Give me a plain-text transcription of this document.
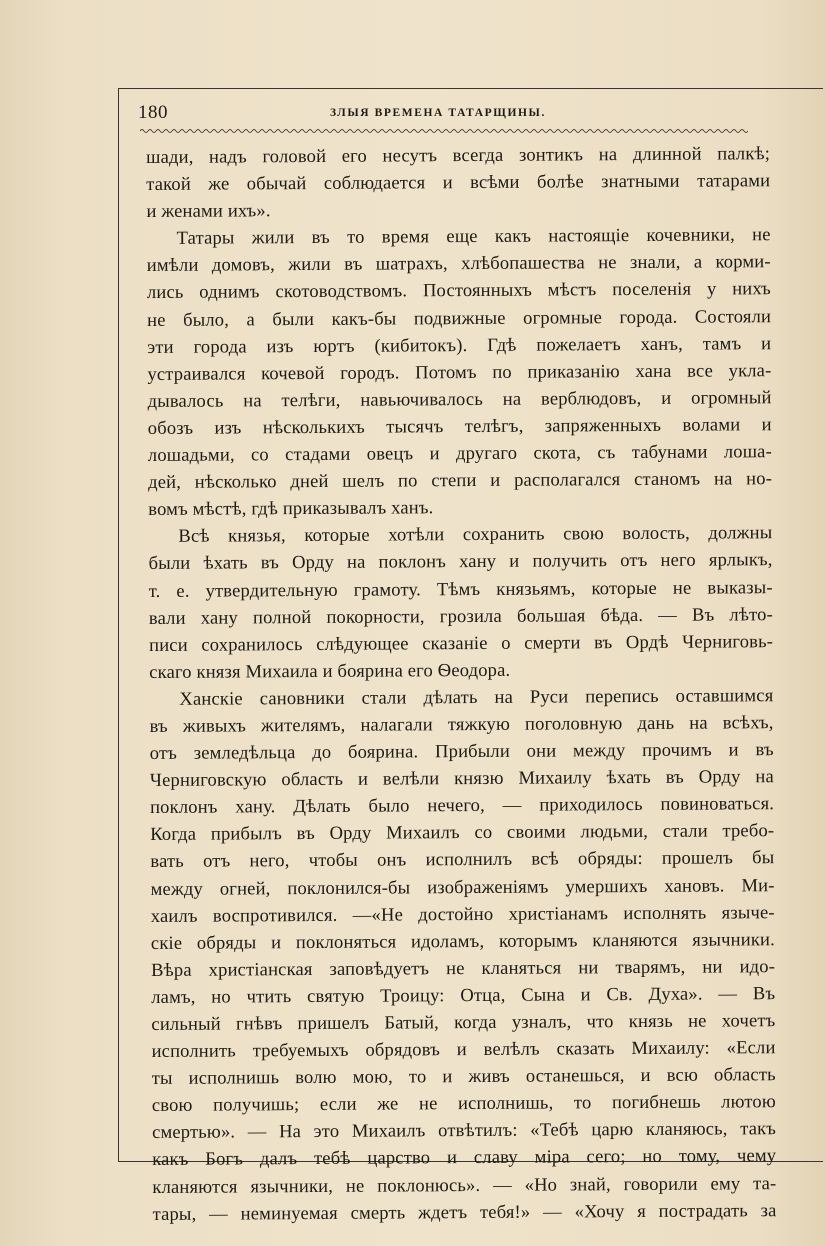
180	ЗЛЫЯ ВРЕМЕНА ТАТАРЩИНЫ.
шади, надъ головой его несутъ всегда зонтикъ на длинной палкѣ;
такой же обычай соблюдается и всѣми болѣе знатными татарами
и женами ихъ».
Татары жили въ то время еще какъ настоящіе кочевники, не
имѣли домовъ, жили въ шатрахъ, хлѣбопашества не знали, а корми-
лись однимъ скотоводствомъ. Постоянныхъ мѣстъ поселенія у нихъ
не было, а были какъ-бы подвижные огромные города. Состояли
эти города изъ юртъ (кибитокъ). Гдѣ пожелаетъ ханъ, тамъ и
устраивался кочевой городъ. Потомъ по приказанію хана все укла-
дывалось на телѣги, навьючивалось на верблюдовъ, и огромный
обозъ изъ нѣсколькихъ тысячъ телѣгъ, запряженныхъ волами и
лошадьми, со стадами овецъ и другаго скота, съ табунами лоша-
дей, нѣсколько дней шелъ по степи и располагался станомъ на но-
вомъ мѣстѣ, гдѣ приказывалъ ханъ.
Всѣ князья, которые хотѣли сохранить свою волость, должны
были ѣхать въ Орду на поклонъ хану и получить отъ него ярлыкъ,
т. е. утвердительную грамоту. Тѣмъ князьямъ, которые не выказы-
вали хану полной покорности, грозила большая бѣда. — Въ лѣто-
писи сохранилось слѣдующее сказаніе о смерти въ Ордѣ Черниговь-
скаго князя Михаила и боярина его Ѳеодора.
Ханскіе сановники стали дѣлать на Руси перепись оставшимся
въ живыхъ жителямъ, налагали тяжкую поголовную дань на всѣхъ,
отъ земледѣльца до боярина. Прибыли они между прочимъ и въ
Черниговскую область и велѣли князю Михаилу ѣхать въ Орду на
поклонъ хану. Дѣлать было нечего, — приходилось повиноваться.
Когда прибылъ въ Орду Михаилъ со своими людьми, стали требо-
вать отъ него, чтобы онъ исполнилъ всѣ обряды: прошелъ бы
между огней, поклонился-бы изображеніямъ умершихъ хановъ. Ми-
хаилъ воспротивился. —«Не достойно христіанамъ исполнять языче-
скіе обряды и поклоняться идоламъ, которымъ кланяются язычники.
Вѣра христіанская заповѣдуетъ не кланяться ни тварямъ, ни идо-
ламъ, но чтить святую Троицу: Отца, Сына и Св. Духа». — Въ
сильный гнѣвъ пришелъ Батый, когда узналъ, что князь не хочетъ
исполнить требуемыхъ обрядовъ и велѣлъ сказать Михаилу: «Если
ты исполнишь волю мою, то и живъ останешься, и всю область
свою получишь; если же не исполнишь, то погибнешь лютою
смертью». — На это Михаилъ отвѣтилъ: «Тебѣ царю кланяюсь, такъ
какъ Богъ далъ тебѣ царство и славу міра сего; но тому, чему
кланяются язычники, не поклонюсь». — «Но знай, говорили ему та-
тары, — неминуемая смерть ждетъ тебя!» — «Хочу я пострадать за
